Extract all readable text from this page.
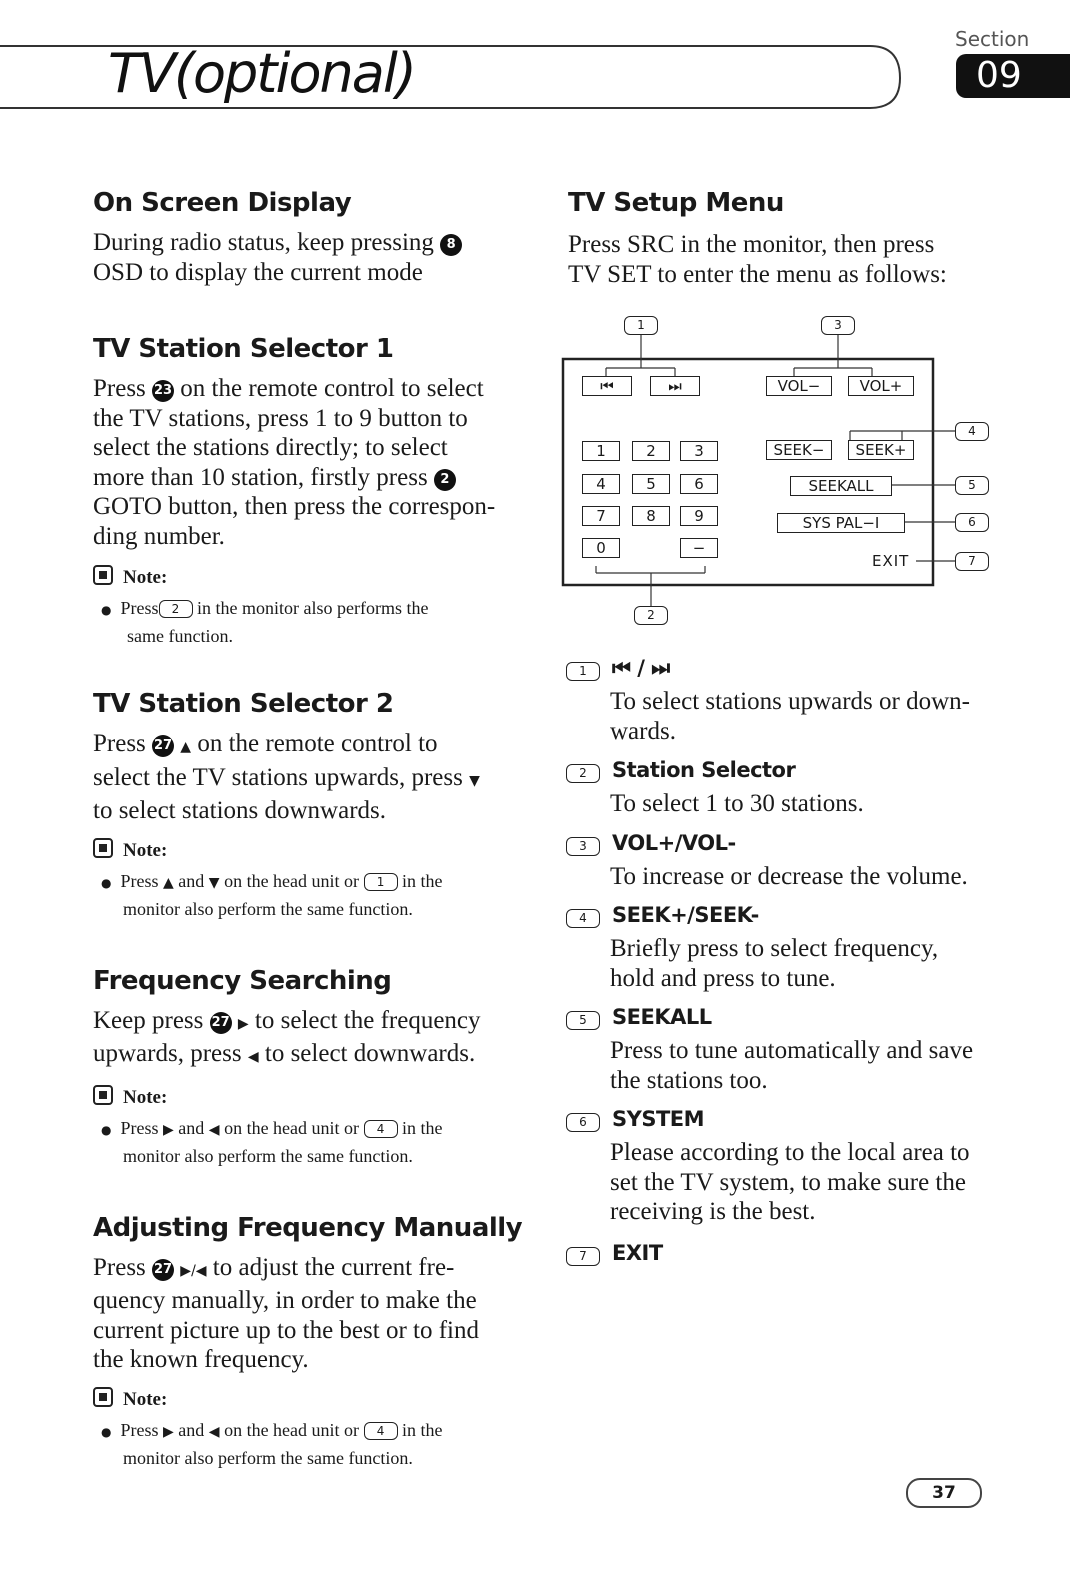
TV(optional)
Section
09
On Screen Display
During radio status, keep pressing 8
OSD to display the current mode
TV Station Selector 1
Press 23 on the remote control to select
the TV stations, press 1 to 9 button to
select the stations directly; to select
more than 10 station, firstly press 2
GOTO button, then press the correspon-
ding number.
Note:
● Press 2 in the monitor also performs the
same function.
TV Station Selector 2
Press 27 ▲ on the remote control to
select the TV stations upwards, press ▼
to select stations downwards.
Note:
● Press ▲ and ▼ on the head unit or 1 in the
monitor also perform the same function.
Frequency Searching
Keep press 27 ▶ to select the frequency
upwards, press ◀ to select downwards.
Note:
● Press ▶ and ◀ on the head unit or 4 in the
monitor also perform the same function.
Adjusting Frequency Manually
Press 27 ▶/◀ to adjust the current fre-
quency manually, in order to make the
current picture up to the best or to find
the known frequency.
Note:
● Press ▶ and ◀ on the head unit or 4 in the
monitor also perform the same function.
TV Setup Menu
Press SRC in the monitor, then press
TV SET to enter the menu as follows:
1	3
4
5
6
7
2
⏮	⏭	VOL−	VOL+
1	2	3
4	5	6
7	8	9
0	−
SEEK−	SEEK+
SEEKALL
SYS PAL−I
EXIT
1 ⏮ / ⏭
To select stations upwards or down-
wards.
2 Station Selector
To select 1 to 30 stations.
3 VOL+/VOL-
To increase or decrease the volume.
4 SEEK+/SEEK-
Briefly press to select frequency,
hold and press to tune.
5 SEEKALL
Press to tune automatically and save
the stations too.
6 SYSTEM
Please according to the local area to
set the TV system, to make sure the
receiving is the best.
7 EXIT
37
